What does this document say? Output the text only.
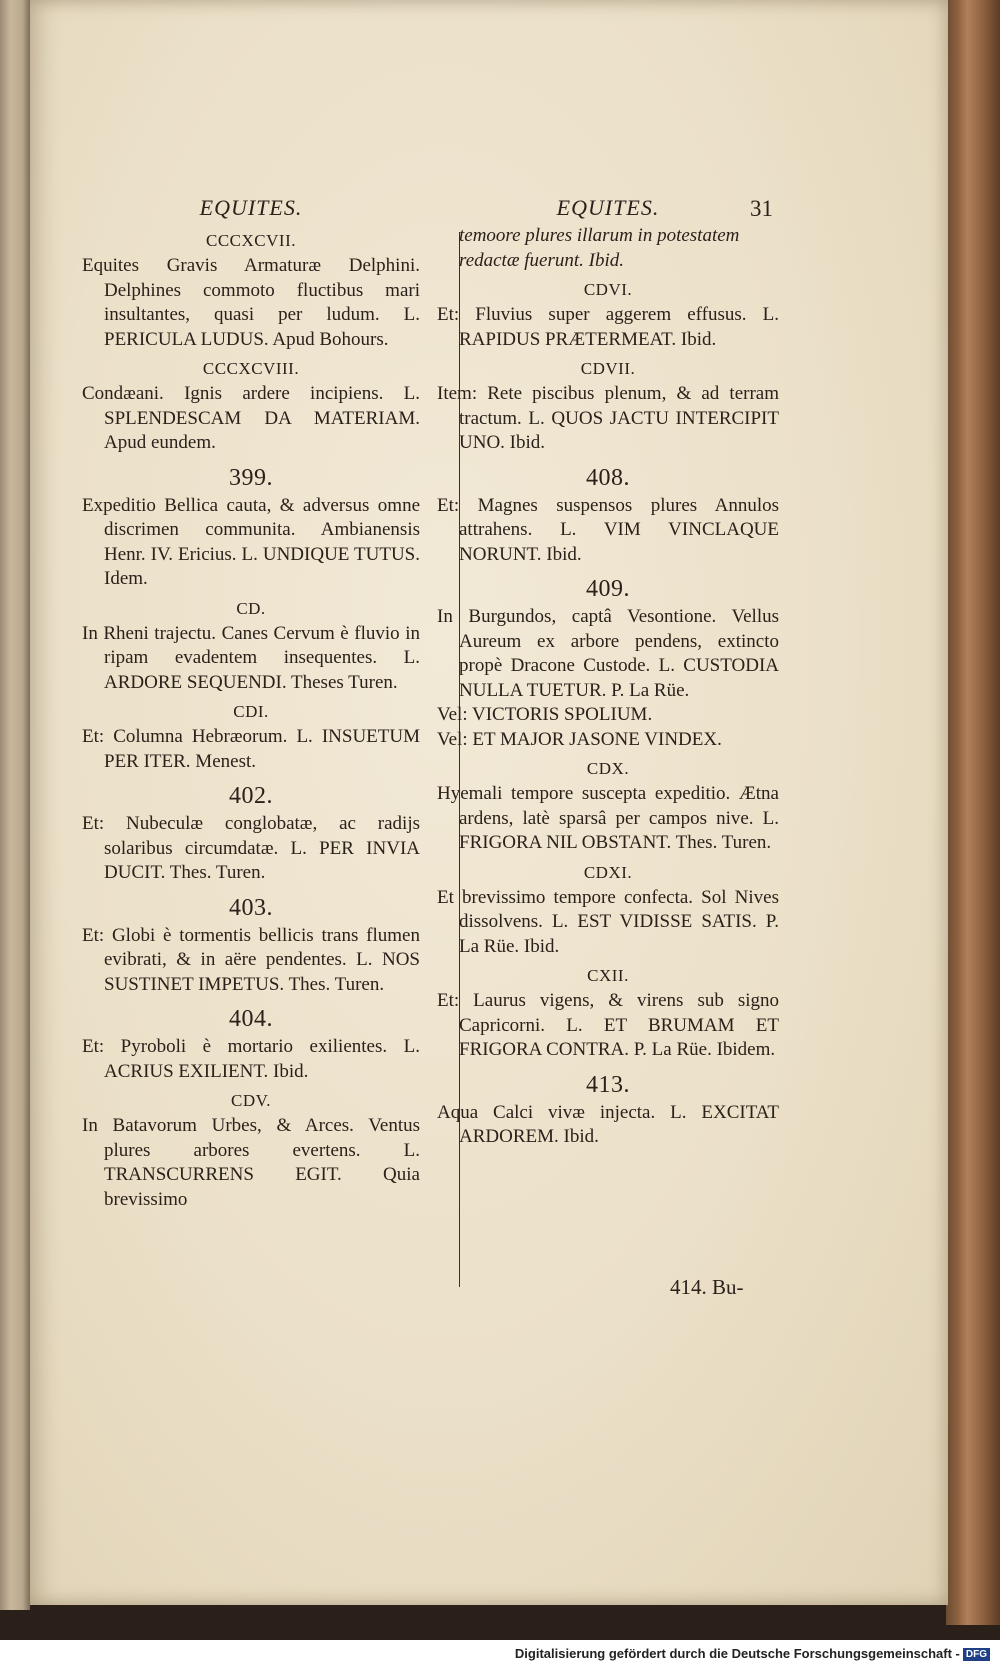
31
EQUITES.
CCCXCVII.

Equites Gravis Armaturæ Delphini. Delphines commoto fluctibus mari insultantes, quasi per ludum. L. PERICULA LUDUS. Apud Bohours.

CCCXCVIII.

Condæani. Ignis ardere incipiens. L. SPLENDESCAM DA MATERIAM. Apud eundem.

399.

Expeditio Bellica cauta, & adversus omne discrimen communita. Ambianensis Henr. IV. Ericius. L. UNDIQUE TUTUS. Idem.

CD.

In Rheni trajectu. Canes Cervum è fluvio in ripam evadentem insequentes. L. ARDORE SEQUENDI. Theses Turen.

CDI.

Et: Columna Hebræorum. L. INSUETUM PER ITER. Menest.

402.

Et: Nubeculæ conglobatæ, ac radijs solaribus circumdatæ. L. PER INVIA DUCIT. Thes. Turen.

403.

Et: Globi è tormentis bellicis trans flumen evibrati, & in aëre pendentes. L. NOS SUSTINET IMPETUS. Thes. Turen.

404.

Et: Pyroboli è mortario exilientes. L. ACRIUS EXILIENT. Ibid.

CDV.

In Batavorum Urbes, & Arces. Ventus plures arbores evertens. L. TRANSCURRENS EGIT. Quia brevissimo

EQUITES.

temoore plures illarum in potestatem redactæ fuerunt. Ibid.

CDVI.

Et: Fluvius super aggerem effusus. L. RAPIDUS PRÆTERMEAT. Ibid.

CDVII.

Item: Rete piscibus plenum, & ad terram tractum. L. QUOS JACTU INTERCIPIT UNO. Ibid.

408.

Et: Magnes suspensos plures Annulos attrahens. L. VIM VINCLAQUE NORUNT. Ibid.

409.

In Burgundos, captâ Vesontione. Vellus Aureum ex arbore pendens, extincto propè Dracone Custode. L. CUSTODIA NULLA TUETUR. P. La Rüe.

Vel: VICTORIS SPOLIUM.

Vel: ET MAJOR JASONE VINDEX.

CDX.

Hyemali tempore suscepta expeditio. Ætna ardens, latè sparsâ per campos nive. L. FRIGORA NIL OBSTANT. Thes. Turen.

CDXI.

Et brevissimo tempore confecta. Sol Nives dissolvens. L. EST VIDISSE SATIS. P. La Rüe. Ibid.

CXII.

Et: Laurus vigens, & virens sub signo Capricorni. L. ET BRUMAM ET FRIGORA CONTRA. P. La Rüe. Ibidem.

413.

Aqua Calci vivæ injecta. L. EXCITAT ARDOREM. Ibid.

414. Bu-
Digitalisierung gefördert durch die Deutsche Forschungsgemeinschaft - DFG
